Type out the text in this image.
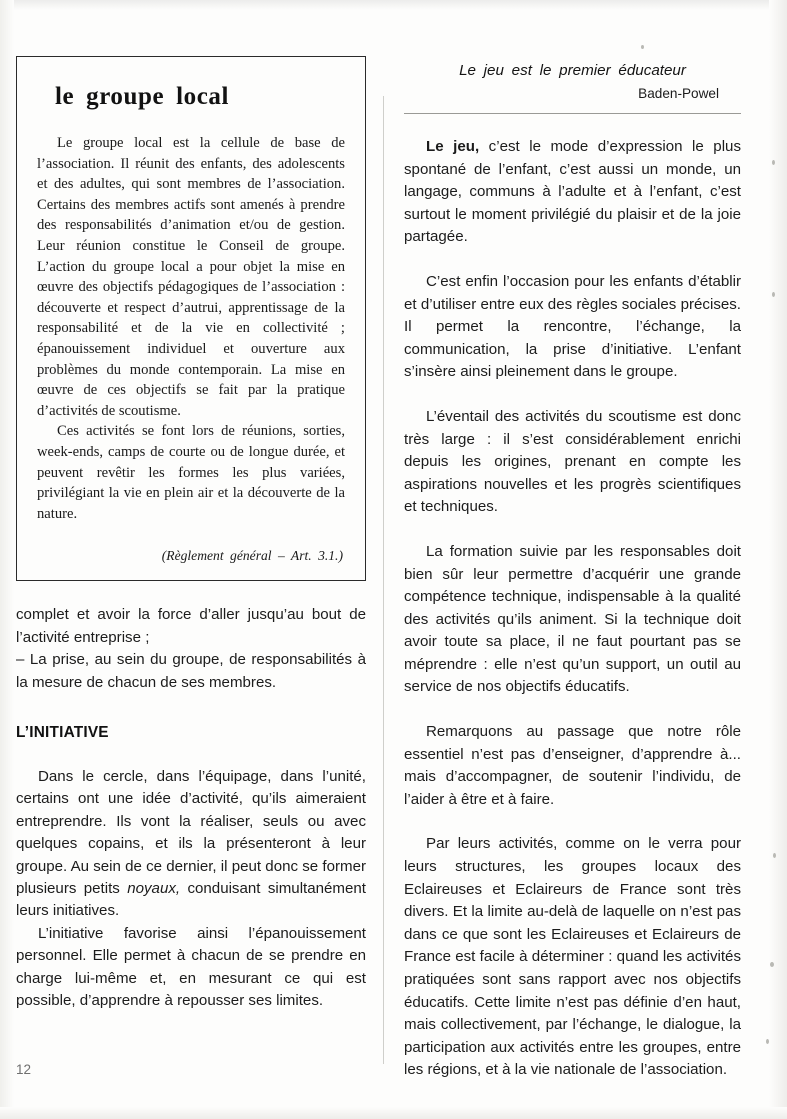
le groupe local

Le groupe local est la cellule de base de l’association. Il réunit des enfants, des adolescents et des adultes, qui sont membres de l’association. Certains des membres actifs sont amenés à prendre des responsabilités d’animation et/ou de gestion. Leur réunion constitue le Conseil de groupe. L’action du groupe local a pour objet la mise en œuvre des objectifs pédagogiques de l’association : découverte et respect d’autrui, apprentissage de la responsabilité et de la vie en collectivité ; épanouissement individuel et ouverture aux problèmes du monde contemporain. La mise en œuvre de ces objectifs se fait par la pratique d’activités de scoutisme.

Ces activités se font lors de réunions, sorties, week-ends, camps de courte ou de longue durée, et peuvent revêtir les formes les plus variées, privilégiant la vie en plein air et la découverte de la nature.

(Règlement général – Art. 3.1.)

complet et avoir la force d’aller jusqu’au bout de l’activité entreprise ;

– La prise, au sein du groupe, de responsabilités à la mesure de chacun de ses membres.

L’INITIATIVE

Dans le cercle, dans l’équipage, dans l’unité, certains ont une idée d’activité, qu’ils aimeraient entreprendre. Ils vont la réaliser, seuls ou avec quelques copains, et ils la présenteront à leur groupe. Au sein de ce dernier, il peut donc se former plusieurs petits noyaux, conduisant simultanément leurs initiatives.

L’initiative favorise ainsi l’épanouissement personnel. Elle permet à chacun de se prendre en charge lui-même et, en mesurant ce qui est possible, d’apprendre à repousser ses limites.

Le jeu est le premier éducateur
Baden-Powel

Le jeu, c’est le mode d’expression le plus spontané de l’enfant, c’est aussi un monde, un langage, communs à l’adulte et à l’enfant, c’est surtout le moment privilégié du plaisir et de la joie partagée.

C’est enfin l’occasion pour les enfants d’établir et d’utiliser entre eux des règles sociales précises. Il permet la rencontre, l’échange, la communication, la prise d’initiative. L’enfant s’insère ainsi pleinement dans le groupe.

L’éventail des activités du scoutisme est donc très large : il s’est considérablement enrichi depuis les origines, prenant en compte les aspirations nouvelles et les progrès scientifiques et techniques.

La formation suivie par les responsables doit bien sûr leur permettre d’acquérir une grande compétence technique, indispensable à la qualité des activités qu’ils animent. Si la technique doit avoir toute sa place, il ne faut pourtant pas se méprendre : elle n’est qu’un support, un outil au service de nos objectifs éducatifs.

Remarquons au passage que notre rôle essentiel n’est pas d’enseigner, d’apprendre à... mais d’accompagner, de soutenir l’individu, de l’aider à être et à faire.

Par leurs activités, comme on le verra pour leurs structures, les groupes locaux des Eclaireuses et Eclaireurs de France sont très divers. Et la limite au-delà de laquelle on n’est pas dans ce que sont les Eclaireuses et Eclaireurs de France est facile à déterminer : quand les activités pratiquées sont sans rapport avec nos objectifs éducatifs. Cette limite n’est pas définie d’en haut, mais collectivement, par l’échange, le dialogue, la participation aux activités entre les groupes, entre les régions, et à la vie nationale de l’association.

12
